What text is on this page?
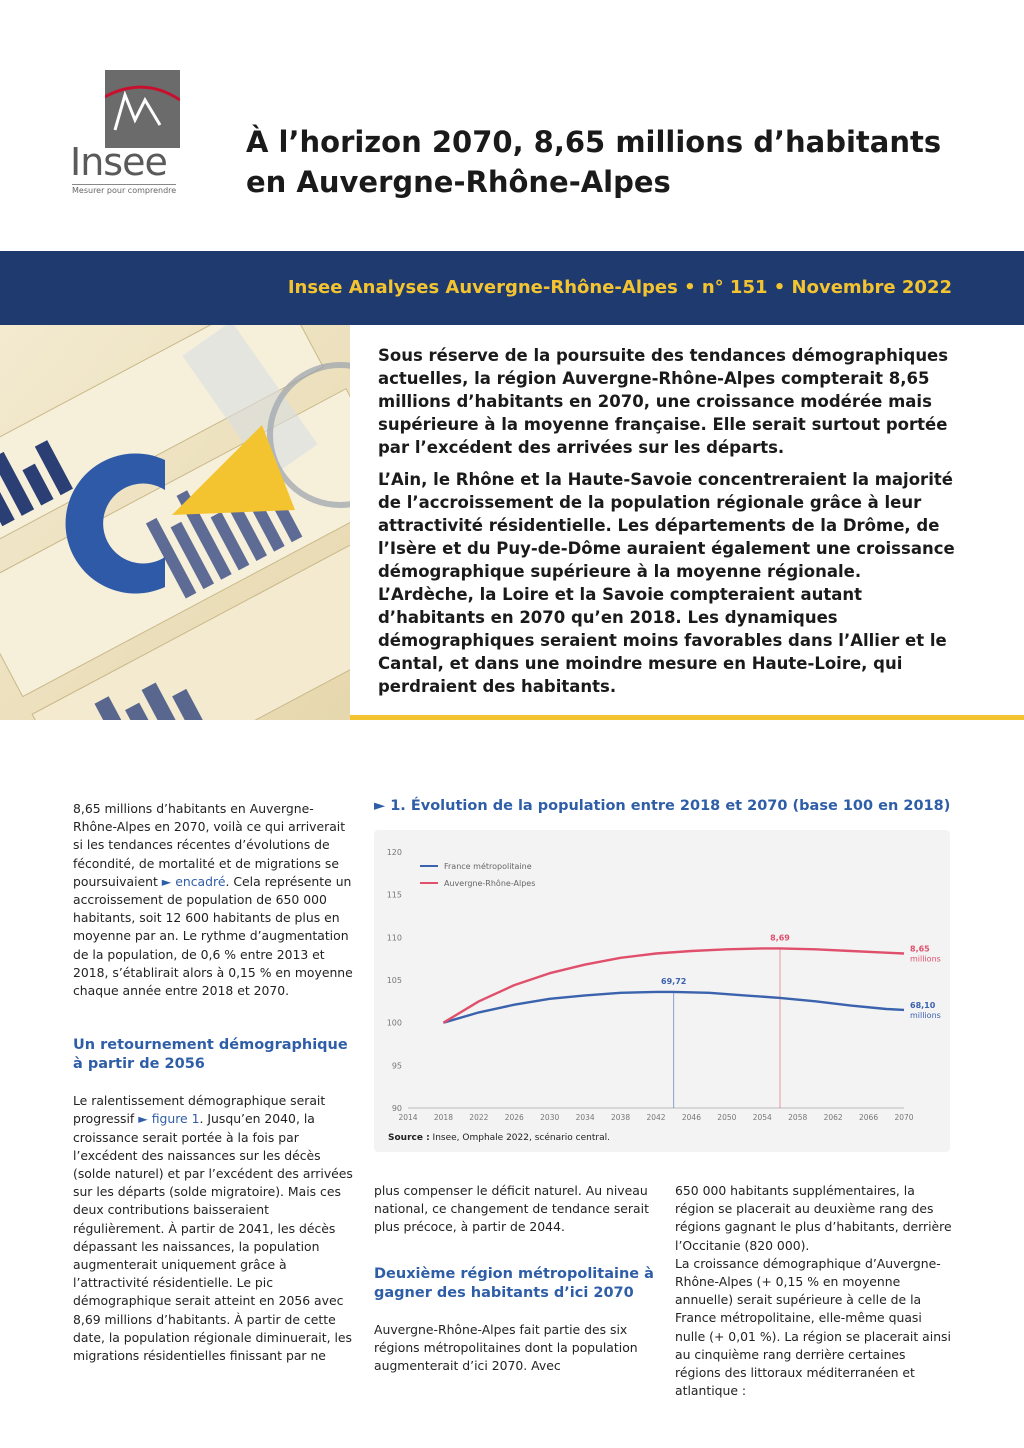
Insee
Mesurer pour comprendre
À l’horizon 2070, 8,65 millions d’habitants
en Auvergne-Rhône-Alpes
Insee Analyses Auvergne-Rhône-Alpes • n° 151 • Novembre 2022

Sous réserve de la poursuite des tendances démographiques actuelles, la région Auvergne-Rhône-Alpes compterait 8,65 millions d’habitants en 2070, une croissance modérée mais supérieure à la moyenne française. Elle serait surtout portée par l’excédent des arrivées sur les départs.

L’Ain, le Rhône et la Haute-Savoie concentreraient la majorité de l’accroissement de la population régionale grâce à leur attractivité résidentielle. Les départements de la Drôme, de l’Isère et du Puy-de-Dôme auraient également une croissance démographique supérieure à la moyenne régionale. L’Ardèche, la Loire et la Savoie compteraient autant d’habitants en 2070 qu’en 2018. Les dynamiques démographiques seraient moins favorables dans l’Allier et le Cantal, et dans une moindre mesure en Haute-Loire, qui perdraient des habitants.

8,65 millions d’habitants en Auvergne-Rhône-Alpes en 2070, voilà ce qui arriverait si les tendances récentes d’évolutions de fécondité, de mortalité et de migrations se poursuivaient ► encadré. Cela représente un accroissement de population de 650 000 habitants, soit 12 600 habitants de plus en moyenne par an. Le rythme d’augmentation de la population, de 0,6 % entre 2013 et 2018, s’établirait alors à 0,15 % en moyenne chaque année entre 2018 et 2070.

Un retournement démographique à partir de 2056

Le ralentissement démographique serait progressif ► figure 1. Jusqu’en 2040, la croissance serait portée à la fois par l’excédent des naissances sur les décès (solde naturel) et par l’excédent des arrivées sur les départs (solde migratoire). Mais ces deux contributions baisseraient régulièrement. À partir de 2041, les décès dépassant les naissances, la population augmenterait uniquement grâce à l’attractivité résidentielle. Le pic démographique serait atteint en 2056 avec 8,69 millions d’habitants. À partir de cette date, la population régionale diminuerait, les migrations résidentielles finissant par ne

► 1. Évolution de la population entre 2018 et 2070 (base 100 en 2018)
90
95
100
105
110
115
120
2014 2018 2022 2026 2030 2034 2038 2042 2046 2050 2054 2058 2062 2066 2070
69,72
8,69
68,10 millions
8,65 millions
France métropolitaine
Auvergne-Rhône-Alpes
Source : Insee, Omphale 2022, scénario central.

plus compenser le déficit naturel. Au niveau national, ce changement de tendance serait plus précoce, à partir de 2044.

Deuxième région métropolitaine à gagner des habitants d’ici 2070

Auvergne-Rhône-Alpes fait partie des six régions métropolitaines dont la population augmenterait d’ici 2070. Avec

650 000 habitants supplémentaires, la région se placerait au deuxième rang des régions gagnant le plus d’habitants, derrière l’Occitanie (820 000).

La croissance démographique d’Auvergne-Rhône-Alpes (+ 0,15 % en moyenne annuelle) serait supérieure à celle de la France métropolitaine, elle-même quasi nulle (+ 0,01 %). La région se placerait ainsi au cinquième rang derrière certaines régions des littoraux méditerranéen et atlantique :
